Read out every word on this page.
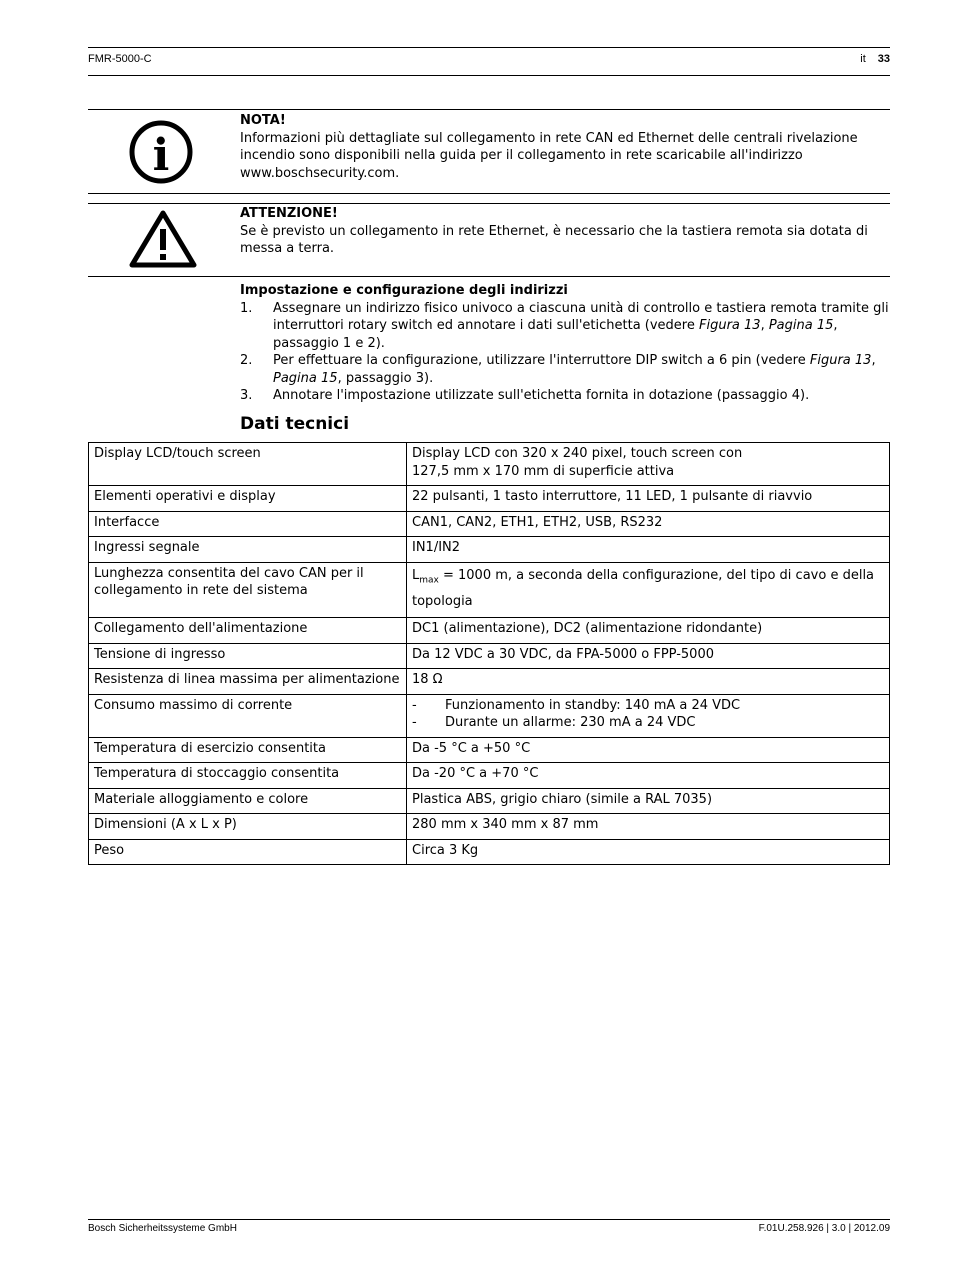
FMR-5000-C	it 33
i
NOTA!
Informazioni più dettagliate sul collegamento in rete CAN ed Ethernet delle centrali rivelazione incendio sono disponibili nella guida per il collegamento in rete scaricabile all'indirizzo www.boschsecurity.com.
ATTENZIONE!
Se è previsto un collegamento in rete Ethernet, è necessario che la tastiera remota sia dotata di messa a terra.
Impostazione e configurazione degli indirizzi
1. Assegnare un indirizzo fisico univoco a ciascuna unità di controllo e tastiera remota tramite gli interruttori rotary switch ed annotare i dati sull'etichetta (vedere Figura 13, Pagina 15, passaggio 1 e 2).
2. Per effettuare la configurazione, utilizzare l'interruttore DIP switch a 6 pin (vedere Figura 13, Pagina 15, passaggio 3).
3. Annotare l'impostazione utilizzate sull'etichetta fornita in dotazione (passaggio 4).
Dati tecnici
Display LCD/touch screen	Display LCD con 320 x 240 pixel, touch screen con
127,5 mm x 170 mm di superficie attiva

Elementi operativi e display	22 pulsanti, 1 tasto interruttore, 11 LED, 1 pulsante di riavvio
Interfacce	CAN1, CAN2, ETH1, ETH2, USB, RS232
Ingressi segnale	IN1/IN2
Lunghezza consentita del cavo CAN per il collegamento in rete del sistema	$L_{max} = 1000$ m, a seconda della configurazione, del tipo di cavo e della topologia
Collegamento dell'alimentazione	DC1 (alimentazione), DC2 (alimentazione ridondante)
Tensione di ingresso	Da 12 VDC a 30 VDC, da FPA-5000 o FPP-5000
Resistenza di linea massima per alimentazione	18 Ω
Consumo massimo di corrente	- Funzionamento in standby: 140 mA a 24 VDC
- Durante un allarme: 230 mA a 24 VDC

Temperatura di esercizio consentita	Da -5 °C a +50 °C
Temperatura di stoccaggio consentita	Da -20 °C a +70 °C
Materiale alloggiamento e colore	Plastica ABS, grigio chiaro (simile a RAL 7035)
Dimensioni (A x L x P)	280 mm x 340 mm x 87 mm
Peso	Circa 3 Kg
Bosch Sicherheitssysteme GmbH	F.01U.258.926 | 3.0 | 2012.09
